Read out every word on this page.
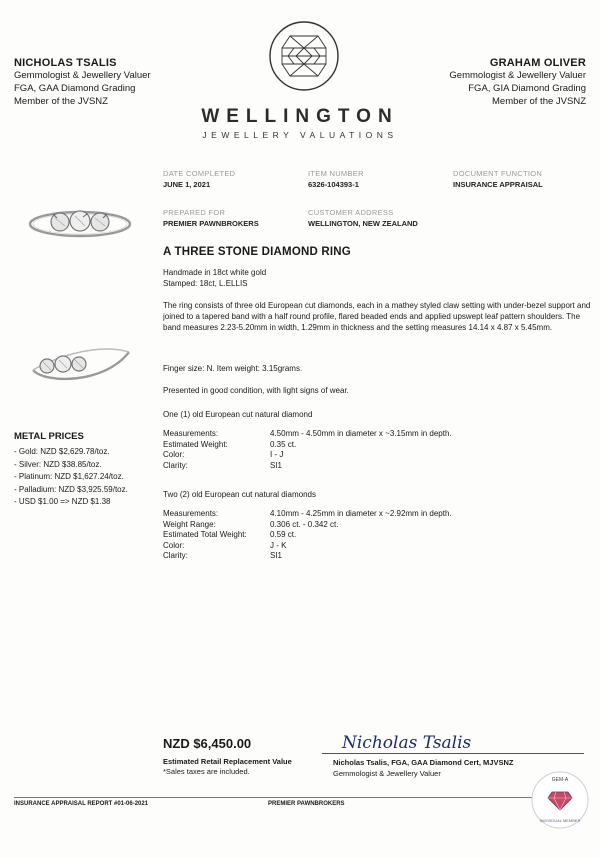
NICHOLAS TSALIS
Gemmologist & Jewellery Valuer
FGA, GAA Diamond Grading
Member of the JVSNZ
GRAHAM OLIVER
Gemmologist & Jewellery Valuer
FGA, GIA Diamond Grading
Member of the JVSNZ
WELLINGTON
JEWELLERY VALUATIONS
DATE COMPLETED
JUNE 1, 2021
ITEM NUMBER
6326-104393-1
DOCUMENT FUNCTION
INSURANCE APPRAISAL
PREPARED FOR
PREMIER PAWNBROKERS
CUSTOMER ADDRESS
WELLINGTON, NEW ZEALAND
A THREE STONE DIAMOND RING
Handmade in 18ct white gold
Stamped: 18ct, L.ELLIS
The ring consists of three old European cut diamonds, each in a mathey styled claw setting with under-bezel support and joined to a tapered band with a half round profile, flared beaded ends and applied upswept leaf pattern shoulders. The band measures 2.23-5.20mm in width, 1.29mm in thickness and the setting measures 14.14 x 4.87 x 5.45mm.
Finger size: N. Item weight: 3.15grams.
Presented in good condition, with light signs of wear.
One (1) old European cut natural diamond
Measurements:	4.50mm - 4.50mm in diameter x ~3.15mm in depth.
Estimated Weight:	0.35 ct.
Color:	I - J
Clarity:	SI1
Two (2) old European cut natural diamonds
Measurements:	4.10mm - 4.25mm in diameter x ~2.92mm in depth.
Weight Range:	0.306 ct. - 0.342 ct.
Estimated Total Weight:	0.59 ct.
Color:	J - K
Clarity:	SI1
METAL PRICES
- Gold: NZD $2,629.78/toz.
- Silver: NZD $38.85/toz.
- Platinum: NZD $1,627.24/toz.
- Palladium: NZD $3,925.59/toz.
- USD $1.00 => NZD $1.38
NZD $6,450.00
Estimated Retail Replacement Value
*Sales taxes are included.
Nicholas Tsalis
Nicholas Tsalis, FGA, GAA Diamond Cert, MJVSNZ
Gemmologist & Jewellery Valuer
INSURANCE APPRAISAL REPORT #01-06-2021	PREMIER PAWNBROKERS
GEM-A
INDIVIDUAL MEMBER
